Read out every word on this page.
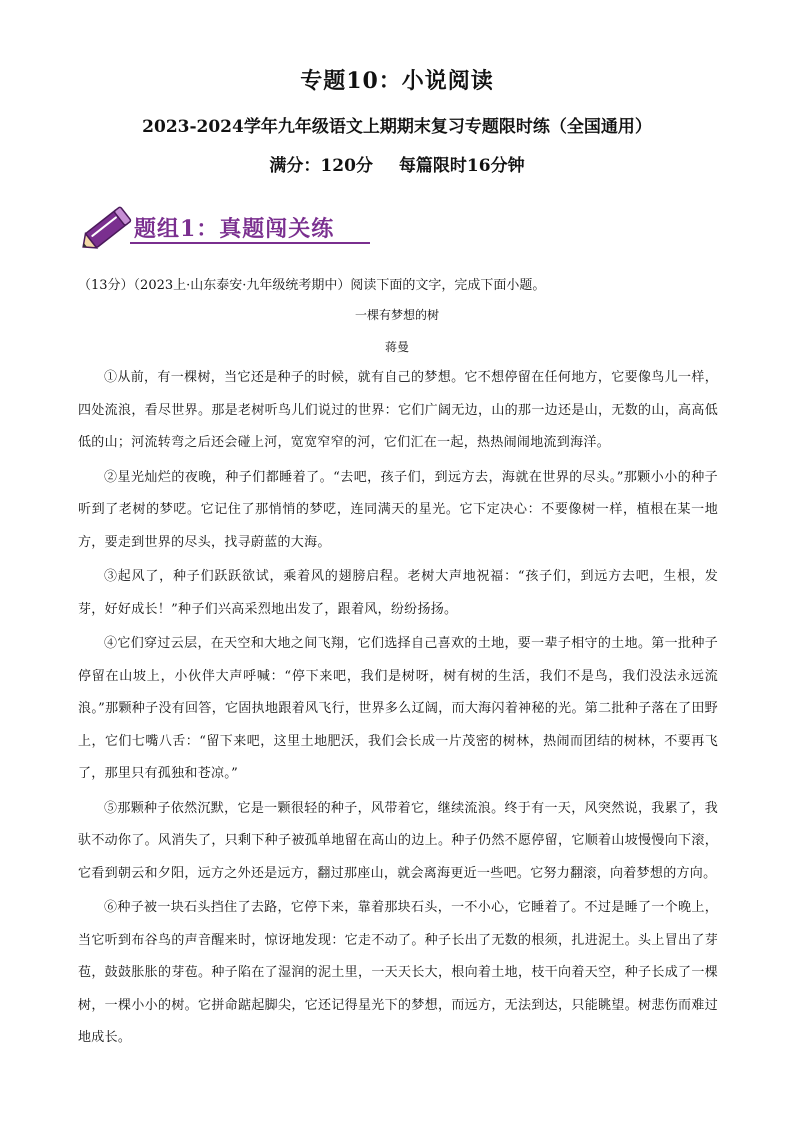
专题10：小说阅读
2023-2024学年九年级语文上期期末复习专题限时练（全国通用）
满分：120分 每篇限时16分钟
题组1：真题闯关练
（13分）（2023上·山东泰安·九年级统考期中）阅读下面的文字，完成下面小题。
一棵有梦想的树
蒋曼

①从前，有一棵树，当它还是种子的时候，就有自己的梦想。它不想停留在任何地方，它要像鸟儿一样，四处流浪，看尽世界。那是老树听鸟儿们说过的世界：它们广阔无边，山的那一边还是山，无数的山，高高低低的山；河流转弯之后还会碰上河，宽宽窄窄的河，它们汇在一起，热热闹闹地流到海洋。

②星光灿烂的夜晚，种子们都睡着了。“去吧，孩子们，到远方去，海就在世界的尽头。”那颗小小的种子听到了老树的梦呓。它记住了那悄悄的梦呓，连同满天的星光。它下定决心：不要像树一样，植根在某一地方，要走到世界的尽头，找寻蔚蓝的大海。

③起风了，种子们跃跃欲试，乘着风的翅膀启程。老树大声地祝福：“孩子们，到远方去吧，生根，发芽，好好成长！”种子们兴高采烈地出发了，跟着风，纷纷扬扬。

④它们穿过云层，在天空和大地之间飞翔，它们选择自己喜欢的土地，要一辈子相守的土地。第一批种子停留在山坡上，小伙伴大声呼喊：“停下来吧，我们是树呀，树有树的生活，我们不是鸟，我们没法永远流浪。”那颗种子没有回答，它固执地跟着风飞行，世界多么辽阔，而大海闪着神秘的光。第二批种子落在了田野上，它们七嘴八舌：“留下来吧，这里土地肥沃，我们会长成一片茂密的树林，热闹而团结的树林，不要再飞了，那里只有孤独和苍凉。”

⑤那颗种子依然沉默，它是一颗很轻的种子，风带着它，继续流浪。终于有一天，风突然说，我累了，我驮不动你了。风消失了，只剩下种子被孤单地留在高山的边上。种子仍然不愿停留，它顺着山坡慢慢向下滚，它看到朝云和夕阳，远方之外还是远方，翻过那座山，就会离海更近一些吧。它努力翻滚，向着梦想的方向。

⑥种子被一块石头挡住了去路，它停下来，靠着那块石头，一不小心，它睡着了。不过是睡了一个晚上，当它听到布谷鸟的声音醒来时，惊讶地发现：它走不动了。种子长出了无数的根须，扎进泥土。头上冒出了芽苞，鼓鼓胀胀的芽苞。种子陷在了湿润的泥土里，一天天长大，根向着土地，枝干向着天空，种子长成了一棵树，一棵小小的树。它拼命踮起脚尖，它还记得星光下的梦想，而远方，无法到达，只能眺望。树悲伤而难过地成长。
